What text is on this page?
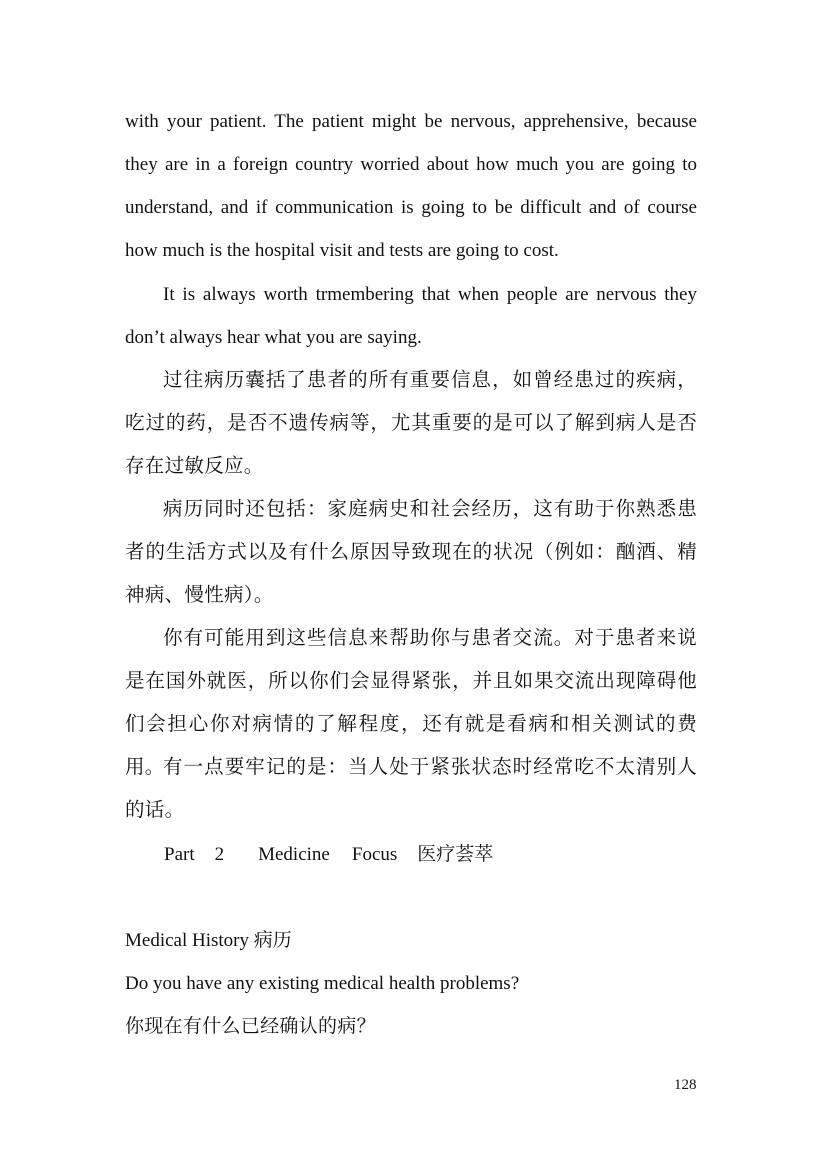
with your patient. The patient might be nervous, apprehensive, because they are in a foreign country worried about how much you are going to understand, and if communication is going to be difficult and of course how much is the hospital visit and tests are going to cost.

It is always worth trmembering that when people are nervous they don’t always hear what you are saying.

过往病历囊括了患者的所有重要信息，如曾经患过的疾病，吃过的药，是否不遗传病等，尤其重要的是可以了解到病人是否存在过敏反应。

病历同时还包括：家庭病史和社会经历，这有助于你熟悉患者的生活方式以及有什么原因导致现在的状况（例如：酗酒、精神病、慢性病）。

你有可能用到这些信息来帮助你与患者交流。对于患者来说是在国外就医，所以你们会显得紧张，并且如果交流出现障碍他们会担心你对病情的了解程度，还有就是看病和相关测试的费用。

有一点要牢记的是：当人处于紧张状态时经常吃不太清别人的话。

Part 2 Medicine Focus 医疗荟萃

Medical History 病历

Do you have any existing medical health problems?

你现在有什么已经确认的病？

128
